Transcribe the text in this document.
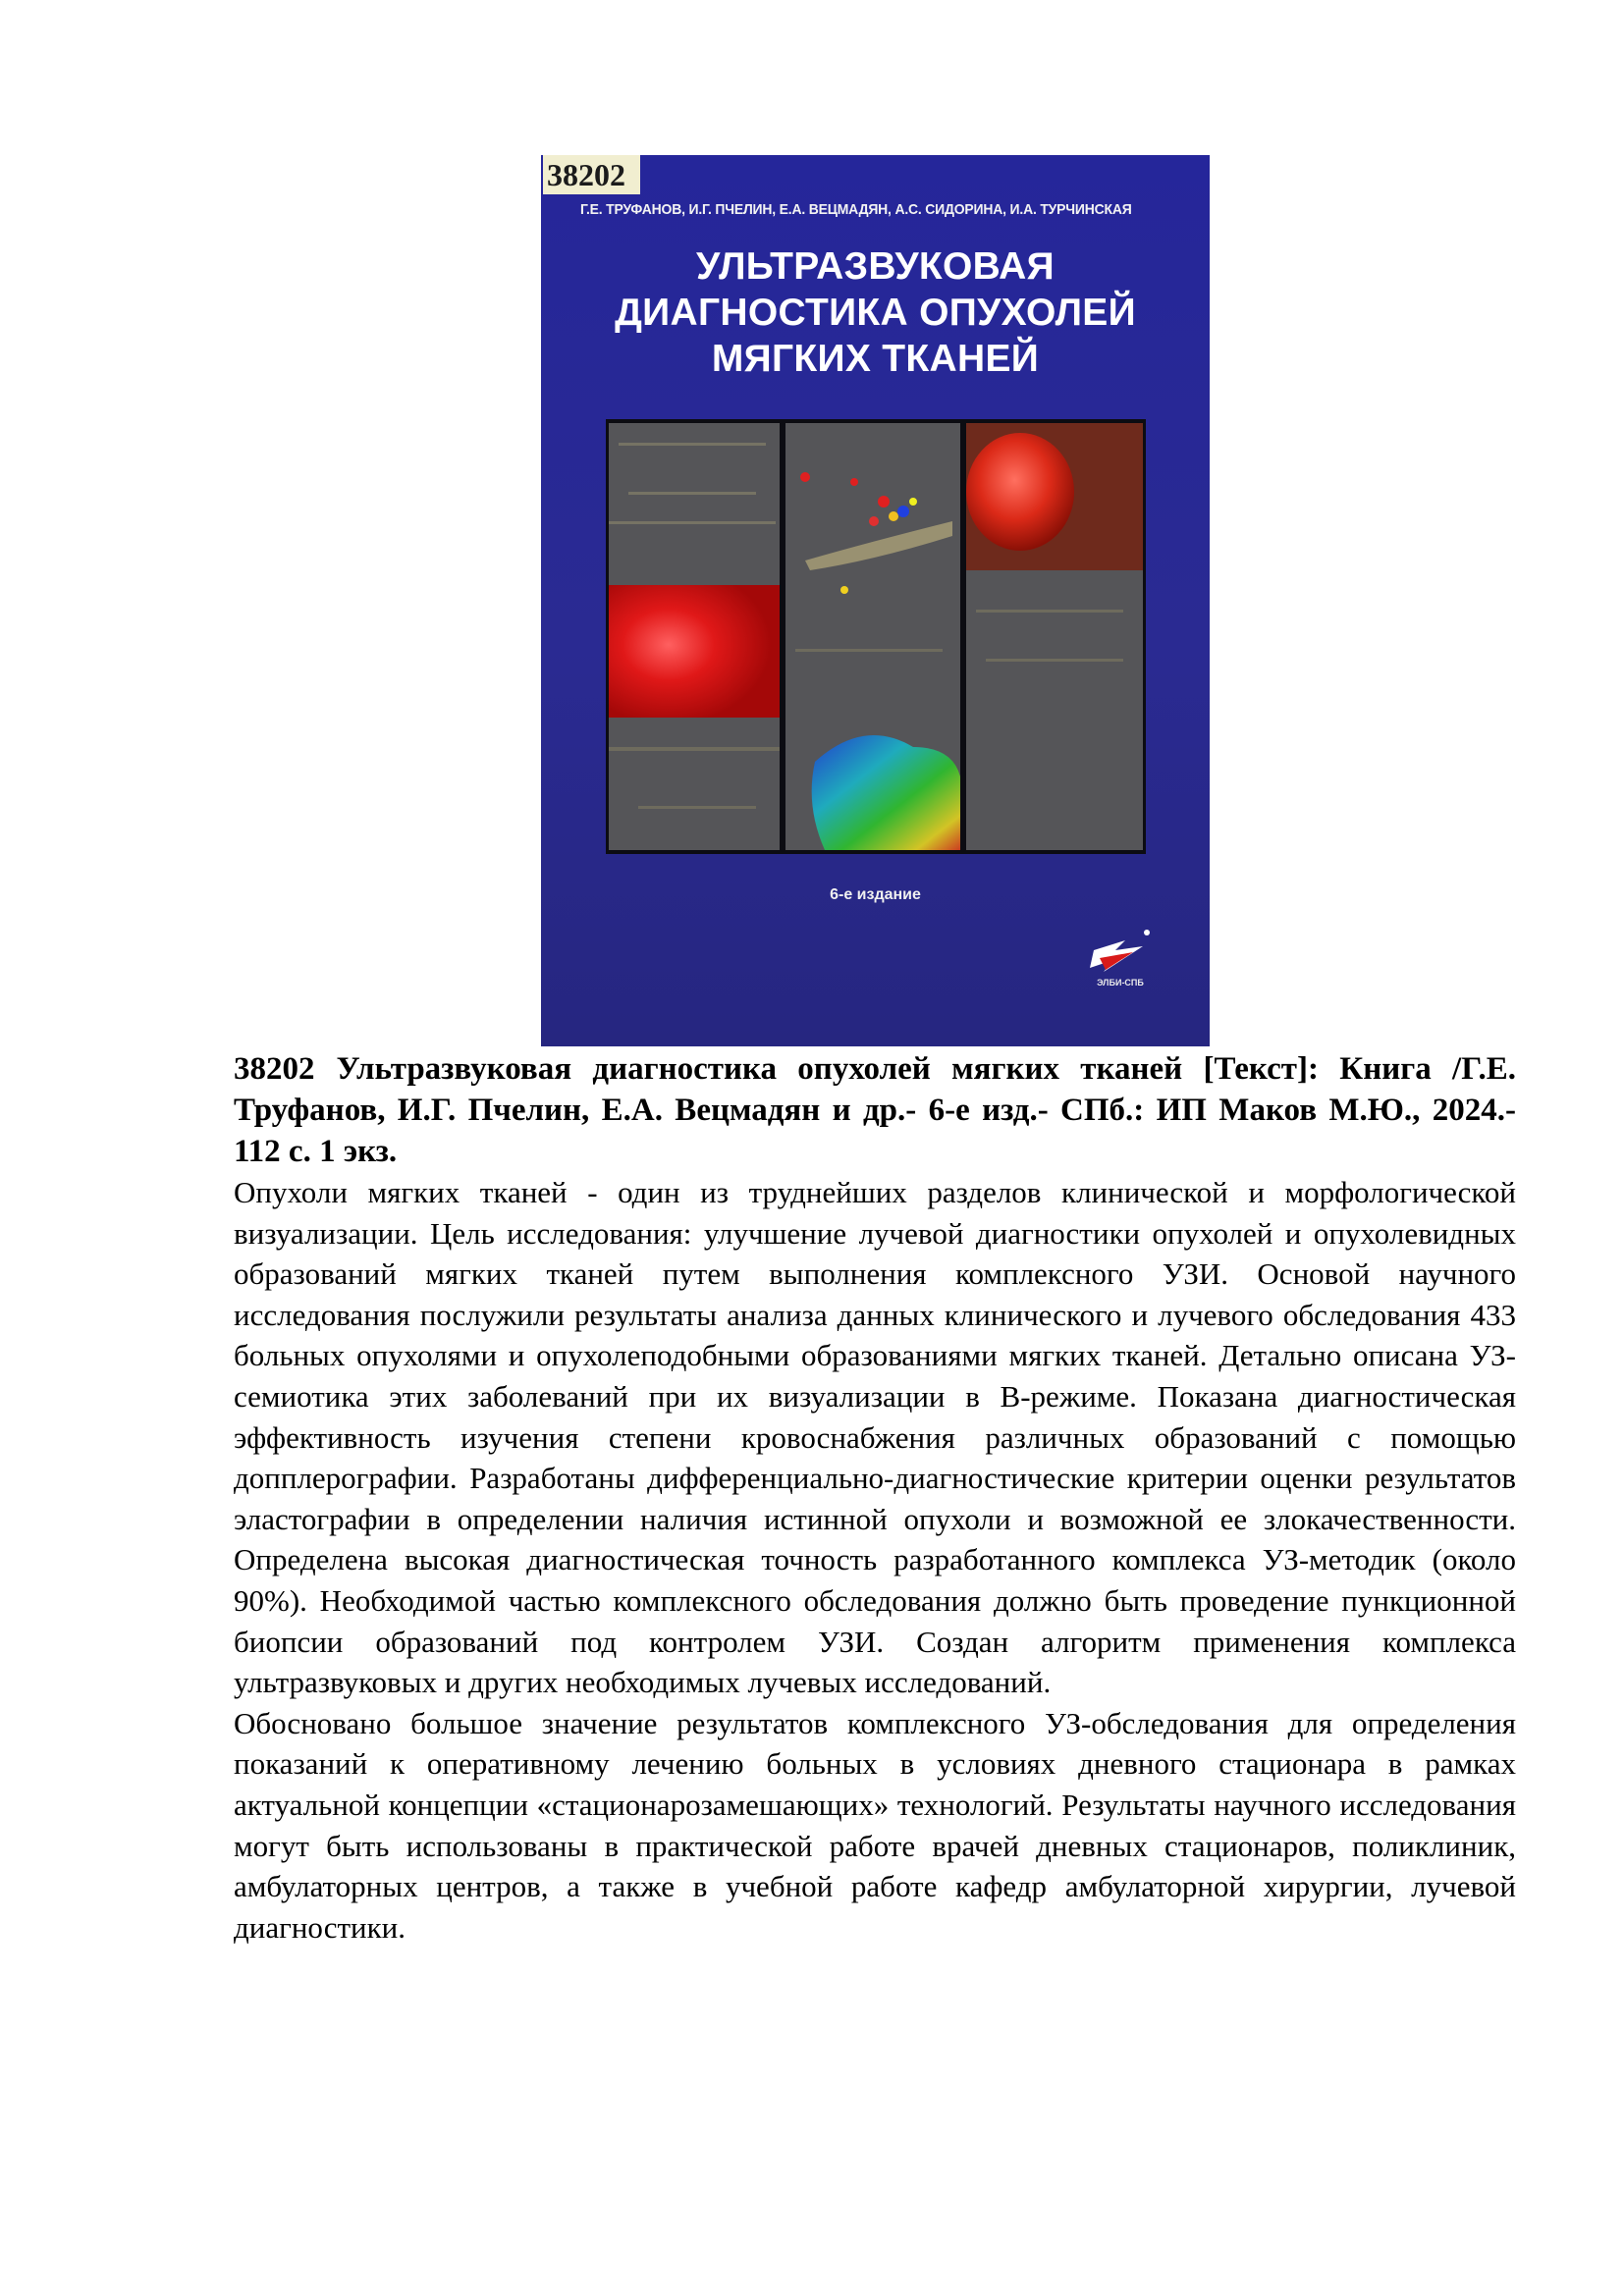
38202
Г.Е. ТРУФАНОВ, И.Г. ПЧЕЛИН, Е.А. ВЕЦМАДЯН, А.С. СИДОРИНА, И.А. ТУРЧИНСКАЯ
УЛЬТРАЗВУКОВАЯ
ДИАГНОСТИКА ОПУХОЛЕЙ
МЯГКИХ ТКАНЕЙ
6-е издание
ЭЛБИ-СПБ

38202 Ультразвуковая диагностика опухолей мягких тканей [Текст]: Книга /Г.Е. Труфанов, И.Г. Пчелин, Е.А. Вецмадян и др.- 6-е изд.- СПб.: ИП Маков М.Ю., 2024.- 112 с. 1 экз.

Опухоли мягких тканей - один из труднейших разделов клинической и морфологической визуализации. Цель исследования: улучшение лучевой диагностики опухолей и опухолевидных образований мягких тканей путем выполнения комплексного УЗИ. Основой научного исследования послужили результаты анализа данных клинического и лучевого обследования 433 больных опухолями и опухолеподобными образованиями мягких тканей. Детально описана УЗ-семиотика этих заболеваний при их визуализации в В-режиме. Показана диагностическая эффективность изучения степени кровоснабжения различных образований с помощью допплерографии. Разработаны дифференциально-диагностические критерии оценки результатов эластографии в определении наличия истинной опухоли и возможной ее злокачественности. Определена высокая диагностическая точность разработанного комплекса УЗ-методик (около 90%). Необходимой частью комплексного обследования должно быть проведение пункционной биопсии образований под контролем УЗИ. Создан алгоритм применения комплекса ультразвуковых и других необходимых лучевых исследований.

Обосновано большое значение результатов комплексного УЗ-обследования для определения показаний к оперативному лечению больных в условиях дневного стационара в рамках актуальной концепции «стационарозамешающих» технологий. Результаты научного исследования могут быть использованы в практической работе врачей дневных стационаров, поликлиник, амбулаторных центров, а также в учебной работе кафедр амбулаторной хирургии, лучевой диагностики.
